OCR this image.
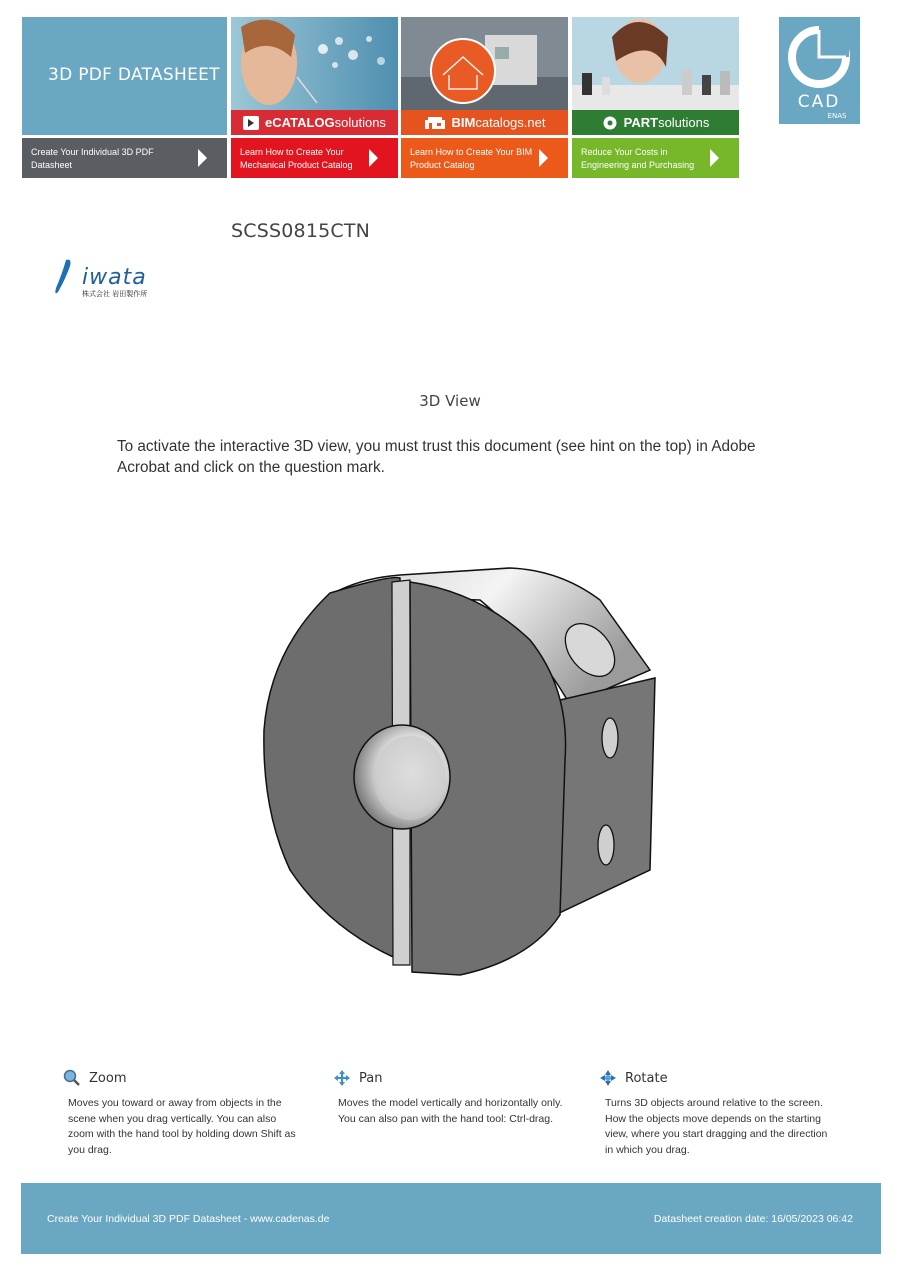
3D PDF DATASHEET
eCATALOGsolutions	BIMcatalogs.net	PARTsolutions
Create Your Individual 3D PDF
Datasheet
Learn How to Create Your
Mechanical Product Catalog
Learn How to Create Your BIM
Product Catalog
Reduce Your Costs in
Engineering and Purchasing
CAD
ENAS
SCSS0815CTN
iwata
株式会社 岩田製作所
3D View
To activate the interactive 3D view, you must trust this document (see hint on the top) in Adobe Acrobat and click on the question mark.
Zoom
Moves you toward or away from objects in the scene when you drag vertically. You can also zoom with the hand tool by holding down Shift as you drag.
Pan
Moves the model vertically and horizontally only. You can also pan with the hand tool: Ctrl-drag.
Rotate
Turns 3D objects around relative to the screen. How the objects move depends on the starting view, where you start dragging and the direction in which you drag.
Create Your Individual 3D PDF Datasheet - www.cadenas.de	Datasheet creation date: 16/05/2023 06:42
